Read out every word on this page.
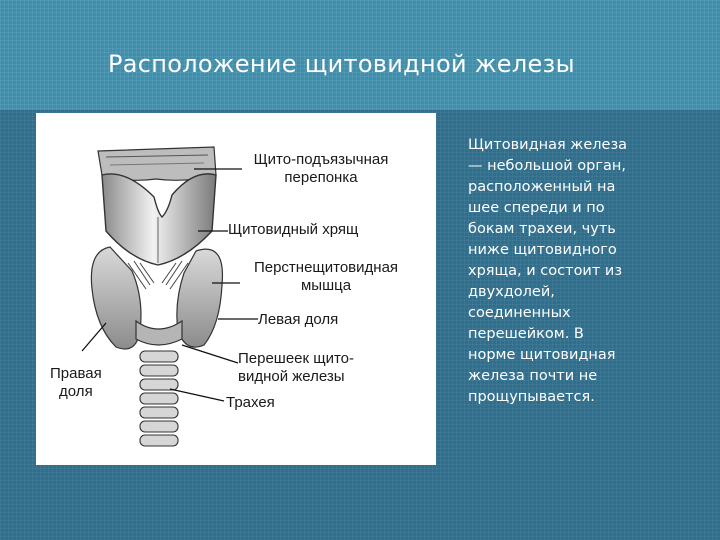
Расположение щитовидной железы

Щито-подъязычная
перепонка

Щитовидный хрящ

Перстнещитовидная
мышца

Левая доля

Перешеек щито-
видной железы

Трахея

Правая
доля

Щитовидная железа
— небольшой орган,
расположенный на
шее спереди и по
бокам трахеи, чуть
ниже щитовидного
хряща, и состоит из
двухдолей,
соединенных
перешейком. В
норме щитовидная
железа почти не
прощупывается.
